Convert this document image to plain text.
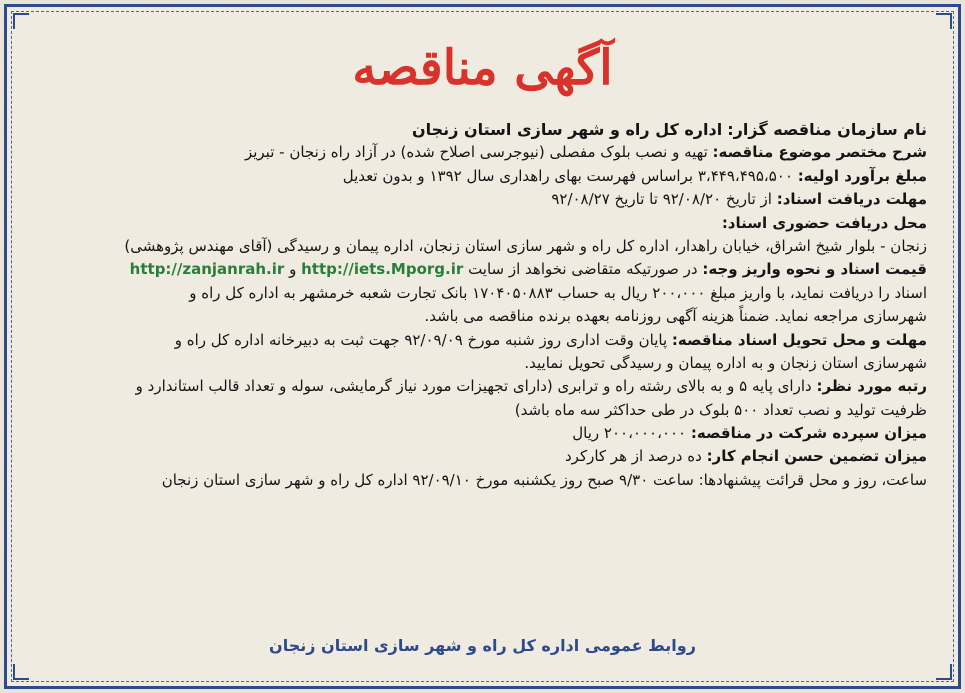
آگهی مناقصه
نام سازمان مناقصه گزار: اداره کل راه و شهر سازی استان زنجان
شرح مختصر موضوع مناقصه: تهیه و نصب بلوک مفصلی (نیوجرسی اصلاح شده) در آزاد راه زنجان - تبریز
مبلغ برآورد اولیه: ۳،۴۴۹،۴۹۵،۵۰۰ براساس فهرست بهای راهداری سال ۱۳۹۲ و بدون تعدیل
مهلت دریافت اسناد: از تاریخ ۹۲/۰۸/۲۰ تا تاریخ ۹۲/۰۸/۲۷
محل دریافت حضوری اسناد:
زنجان - بلوار شیخ اشراق، خیابان راهدار، اداره کل راه و شهر سازی استان زنجان، اداره پیمان و رسیدگی (آقای مهندس پژوهشی)
قیمت اسناد و نحوه واریز وجه: در صورتیکه متقاضی نخواهد از سایت http://iets.Mporg.ir و http://zanjanrah.ir
اسناد را دریافت نماید، با واریز مبلغ ۲۰۰،۰۰۰ ریال به حساب ۱۷۰۴۰۵۰۸۸۳ بانک تجارت شعبه خرمشهر به اداره کل راه و
شهرسازی مراجعه نماید. ضمناً هزینه آگهی روزنامه بعهده برنده مناقصه می باشد.
مهلت و محل تحویل اسناد مناقصه: پایان وقت اداری روز شنبه مورخ ۹۲/۰۹/۰۹ جهت ثبت به دبیرخانه اداره کل راه و
شهرسازی استان زنجان و به اداره پیمان و رسیدگی تحویل نمایید.
رتبه مورد نظر: دارای پایه ۵ و به بالای رشته راه و ترابری (دارای تجهیزات مورد نیاز گرمایشی، سوله و تعداد قالب استاندارد و
ظرفیت تولید و نصب تعداد ۵۰۰ بلوک در طی حداکثر سه ماه باشد)
میزان سپرده شرکت در مناقصه: ۲۰۰،۰۰۰،۰۰۰ ریال
میزان تضمین حسن انجام کار: ده درصد از هر کارکرد
ساعت، روز و محل قرائت پیشنهادها: ساعت ۹/۳۰ صبح روز یکشنبه مورخ ۹۲/۰۹/۱۰ اداره کل راه و شهر سازی استان زنجان
روابط عمومی اداره کل راه و شهر سازی استان زنجان
